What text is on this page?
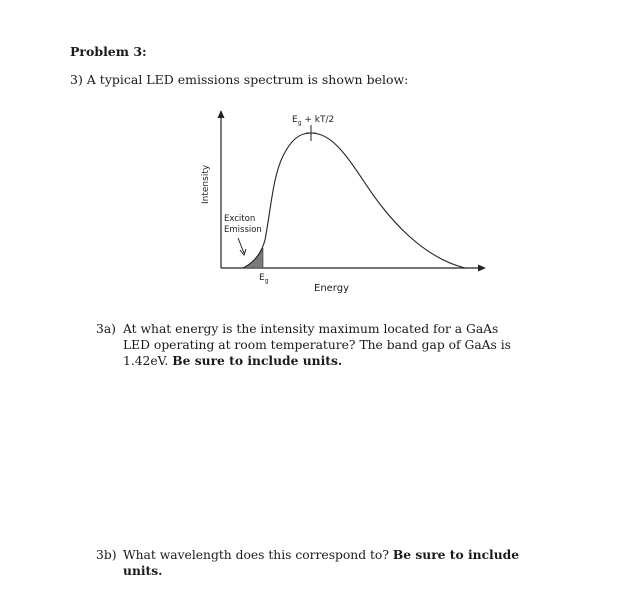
Problem 3:
3) A typical LED emissions spectrum is shown below:
$E_g + kT/2$
Intensity
Exciton
Emission
$E_g$
Energy
3a) At what energy is the intensity maximum located for a GaAs LED operating at room temperature? The band gap of GaAs is 1.42eV. Be sure to include units.
3b) What wavelength does this correspond to? Be sure to include units.
